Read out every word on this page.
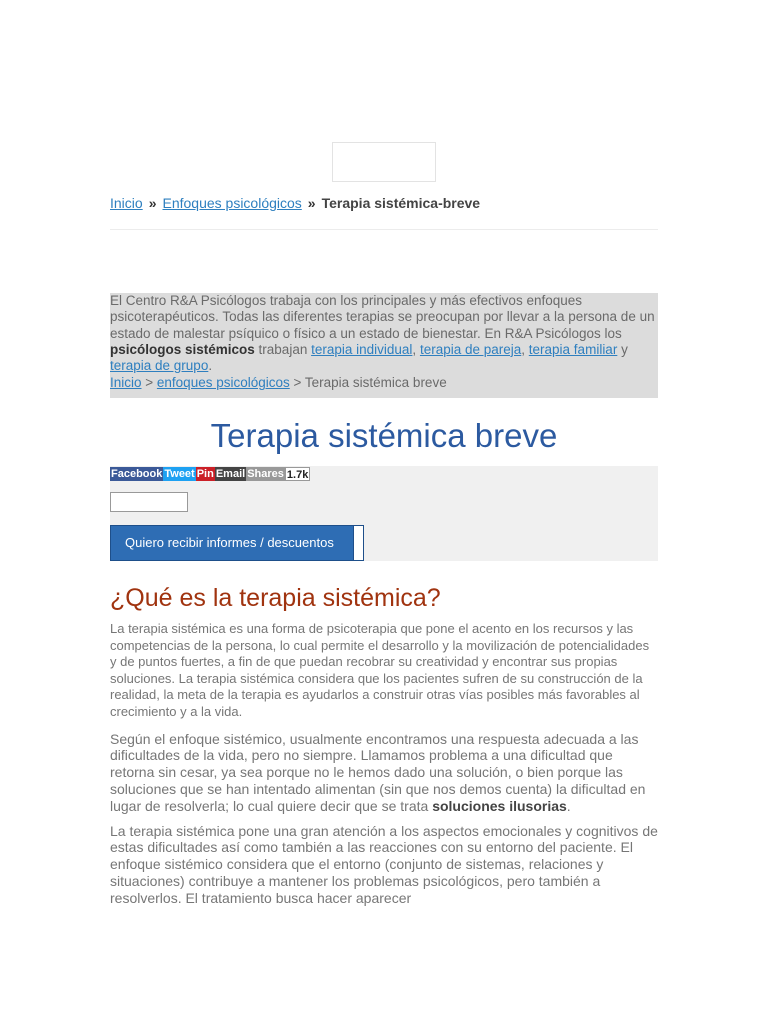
Inicio » Enfoques psicológicos » Terapia sistémica-breve

El Centro R&A Psicólogos trabaja con los principales y más efectivos enfoques psicoterapéuticos. Todas las diferentes terapias se preocupan por llevar a la persona de un estado de malestar psíquico o físico a un estado de bienestar. En R&A Psicólogos los psicólogos sistémicos trabajan terapia individual, terapia de pareja, terapia familiar y terapia de grupo.

Inicio > enfoques psicológicos > Terapia sistémica breve

Terapia sistémica breve
Facebook Tweet Pin Email Shares 1.7k
Quiero recibir informes / descuentos
¿Qué es la terapia sistémica?

La terapia sistémica es una forma de psicoterapia que pone el acento en los recursos y las competencias de la persona, lo cual permite el desarrollo y la movilización de potencialidades y de puntos fuertes, a fin de que puedan recobrar su creatividad y encontrar sus propias soluciones. La terapia sistémica considera que los pacientes sufren de su construcción de la realidad, la meta de la terapia es ayudarlos a construir otras vías posibles más favorables al crecimiento y a la vida.

Según el enfoque sistémico, usualmente encontramos una respuesta adecuada a las dificultades de la vida, pero no siempre. Llamamos problema a una dificultad que retorna sin cesar, ya sea porque no le hemos dado una solución, o bien porque las soluciones que se han intentado alimentan (sin que nos demos cuenta) la dificultad en lugar de resolverla; lo cual quiere decir que se trata soluciones ilusorias.

La terapia sistémica pone una gran atención a los aspectos emocionales y cognitivos de estas dificultades así como también a las reacciones con su entorno del paciente. El enfoque sistémico considera que el entorno (conjunto de sistemas, relaciones y situaciones) contribuye a mantener los problemas psicológicos, pero también a resolverlos. El tratamiento busca hacer aparecer
